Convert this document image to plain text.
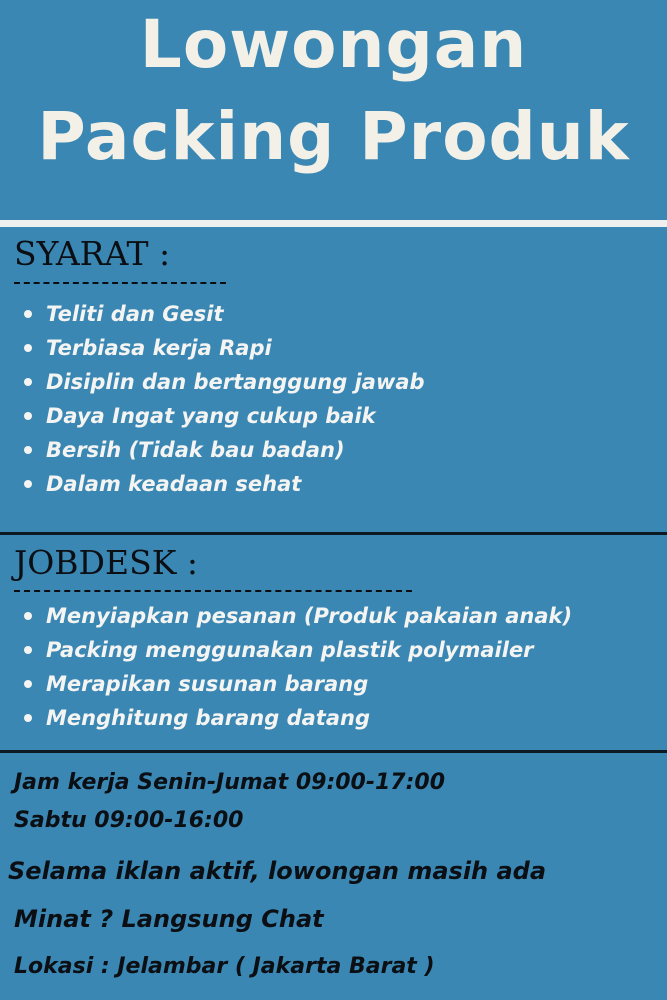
Lowongan
Packing Produk
SYARAT :
Teliti dan Gesit
Terbiasa kerja Rapi
Disiplin dan bertanggung jawab
Daya Ingat yang cukup baik
Bersih (Tidak bau badan)
Dalam keadaan sehat
JOBDESK :
Menyiapkan pesanan (Produk pakaian anak)
Packing menggunakan plastik polymailer
Merapikan susunan barang
Menghitung barang datang
Jam kerja Senin-Jumat 09:00-17:00
Sabtu 09:00-16:00
Selama iklan aktif, lowongan masih ada
Minat ? Langsung Chat
Lokasi : Jelambar ( Jakarta Barat )
